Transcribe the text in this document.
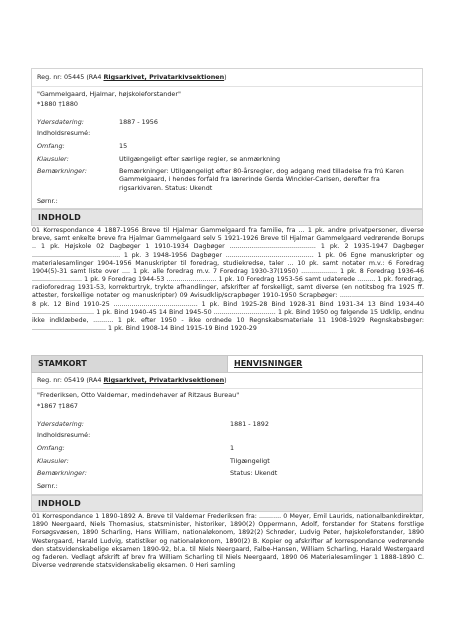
Reg. nr: 05445 (RA4 Rigsarkivet, Privatarkivsektionen)
"Gammelgaard, Hjalmar, højskoleforstander"
*1880 †1880
Ydersdatering:	1887 - 1956
Indholdsresumé:
Omfang:	15
Klausuler:	Utilgængeligt efter særlige regler, se anmærkning
Bemærkninger:	Bemærkninger: Utilgængeligt efter 80-årsregler, dog adgang med tilladelse fra frú Karen Gammelgaard, i hendes forfald fra lærerinde Gerda Winckler-Carlsen, derefter fra rigsarkivaren. Status: Ukendt
Sørnr.:
INDHOLD
01 Korrespondance 4 1887-1956 Breve til Hjalmar Gammelgaard fra familie, fra ... 1 pk. andre privatpersoner, diverse breve, samt enkelte breve fra Hjalmar Gammelgaard selv 5 1921-1926 Breve til Hjalmar Gammelgaard vedrørende Borups .. 1 pk. Højskole 02 Dagbøger 1 1910-1934 Dagbøger ........................................... 1 pk. 2 1935-1947 Dagbøger ............................................ 1 pk. 3 1948-1956 Dagbøger ............................................ 1 pk. 06 Egne manuskripter og materialesamlinger 1904-1956 Manuskripter til foredrag, studiekredse, taler ... 10 pk. samt notater m.v.: 6 Foredrag 1904(5)-31 samt liste over .... 1 pk. alle foredrag m.v. 7 Foredrag 1930-37(1950) .................. 1 pk. 8 Foredrag 1936-46 ......................... 1 pk. 9 Foredrag 1944-53 ......................... 1 pk. 10 Foredrag 1953-56 samt udaterede ......... 1 pk. foredrag, radioforedrag 1931-53, korrekturtryk, trykte afhandlinger, afskrifter af forskelligt, samt diverse (en notitsbog fra 1925 ff. attester, forskellige notater og manuskripter) 09 Avisudklip/scrapbøger 1910-1950 Scrapbøger: .......................................... 8 pk. 12 Bind 1910-25 .......................................... 1 pk. Bind 1925-28 Bind 1928-31 Bind 1931-34 13 Bind 1934-40 ............................... 1 pk. Bind 1940-45 14 Bind 1945-50 ............................... 1 pk. Bind 1950 og følgende 15 Udklip, endnu ikke indklæbede, .......... 1 pk. efter 1950 - ikke ordnede 10 Regnskabsmateriale 11 1908-1929 Regnskabsbøger: ..................................... 1 pk. Bind 1908-14 Bind 1915-19 Bind 1920-29
STAMKORT	HENVISNINGER
Reg. nr: 05419 (RA4 Rigsarkivet, Privatarkivsektionen)
"Frederiksen, Otto Valdemar, medindehaver af Ritzaus Bureau"
*1867 †1867
Ydersdatering:	1881 - 1892
Indholdsresumé:
Omfang:	1
Klausuler:	Tilgængeligt
Bemærkninger:	Status: Ukendt
Sørnr.:
INDHOLD
01 Korrespondance 1 1890-1892 A. Breve til Valdemar Frederiksen fra: ........... 0 Meyer, Emil Laurids, nationalbankdirektør, 1890 Neergaard, Niels Thomasius, statsminister, historiker, 1890(2) Oppermann, Adolf, forstander for Statens forstlige Forsøgsvæsen, 1890 Scharling, Hans William, nationaløkonom, 1892(2) Schrøder, Ludvig Peter, højskoleforstander, 1890 Westergaard, Harald Ludvig, statistiker og nationaløkonom, 1890(2) B. Kopier og afskrifter af korrespondance vedrørende den statsvidenskabelige eksamen 1890-92, bl.a. til Niels Neergaard, Falbe-Hansen, William Scharling, Harald Westergaard og faderen. Vedlagt afskrift af brev fra William Scharling til Niels Neergaard, 1890 06 Materialesamlinger 1 1888-1890 C. Diverse vedrørende statsvidenskabelig eksamen. 0 Heri samling
